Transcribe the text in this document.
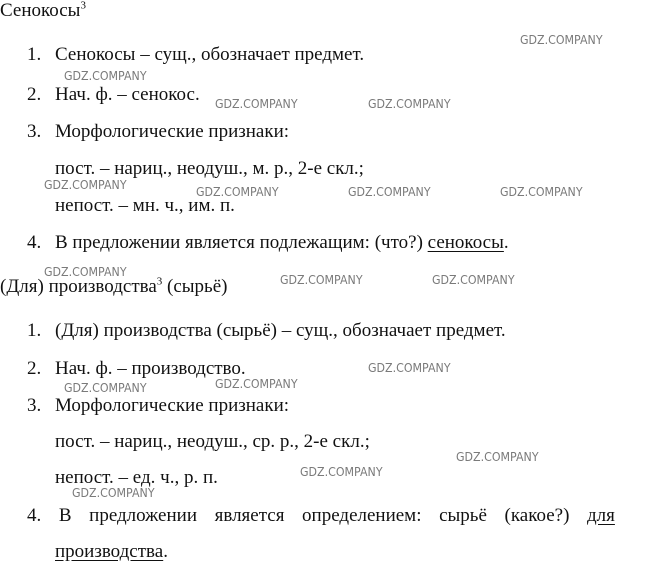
Сенокосы$^3$
1. Сенокосы – сущ., обозначает предмет.
2. Нач. ф. – сенокос.
3. Морфологические признаки:
пост. – нариц., неодуш., м. р., 2-е скл.;
непост. – мн. ч., им. п.
4. В предложении является подлежащим: (что?) сенокосы.
(Для) производства$^3$ (сырьё)
1. (Для) производства (сырьё) – сущ., обозначает предмет.
2. Нач. ф. – производство.
3. Морфологические признаки:
пост. – нариц., неодуш., ср. р., 2-е скл.;
непост. – ед. ч., р. п.
4. В предложении является определением: сырьё (какое?) для
производства.
GDZ.COMPANY
GDZ.COMPANY
GDZ.COMPANY	GDZ.COMPANY
GDZ.COMPANY	GDZ.COMPANY	GDZ.COMPANY	GDZ.COMPANY
GDZ.COMPANY
GDZ.COMPANY	GDZ.COMPANY
GDZ.COMPANY
GDZ.COMPANY	GDZ.COMPANY
GDZ.COMPANY
GDZ.COMPANY
GDZ.COMPANY
